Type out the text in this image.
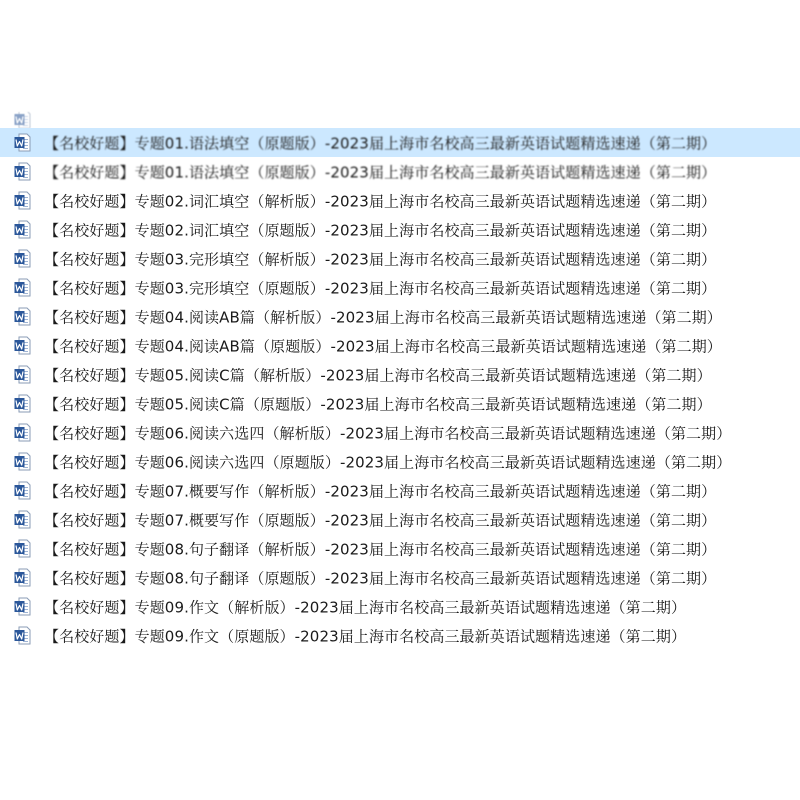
【名校好题】专题01.语法填空（原题版）-2023届上海市名校高三最新英语试题精选速递（第二期）
【名校好题】专题01.语法填空（原题版）-2023届上海市名校高三最新英语试题精选速递（第二期）
【名校好题】专题02.词汇填空（解析版）-2023届上海市名校高三最新英语试题精选速递（第二期）
【名校好题】专题02.词汇填空（原题版）-2023届上海市名校高三最新英语试题精选速递（第二期）
【名校好题】专题03.完形填空（解析版）-2023届上海市名校高三最新英语试题精选速递（第二期）
【名校好题】专题03.完形填空（原题版）-2023届上海市名校高三最新英语试题精选速递（第二期）
【名校好题】专题04.阅读AB篇（解析版）-2023届上海市名校高三最新英语试题精选速递（第二期）
【名校好题】专题04.阅读AB篇（原题版）-2023届上海市名校高三最新英语试题精选速递（第二期）
【名校好题】专题05.阅读C篇（解析版）-2023届上海市名校高三最新英语试题精选速递（第二期）
【名校好题】专题05.阅读C篇（原题版）-2023届上海市名校高三最新英语试题精选速递（第二期）
【名校好题】专题06.阅读六选四（解析版）-2023届上海市名校高三最新英语试题精选速递（第二期）
【名校好题】专题06.阅读六选四（原题版）-2023届上海市名校高三最新英语试题精选速递（第二期）
【名校好题】专题07.概要写作（解析版）-2023届上海市名校高三最新英语试题精选速递（第二期）
【名校好题】专题07.概要写作（原题版）-2023届上海市名校高三最新英语试题精选速递（第二期）
【名校好题】专题08.句子翻译（解析版）-2023届上海市名校高三最新英语试题精选速递（第二期）
【名校好题】专题08.句子翻译（原题版）-2023届上海市名校高三最新英语试题精选速递（第二期）
【名校好题】专题09.作文（解析版）-2023届上海市名校高三最新英语试题精选速递（第二期）
【名校好题】专题09.作文（原题版）-2023届上海市名校高三最新英语试题精选速递（第二期）
